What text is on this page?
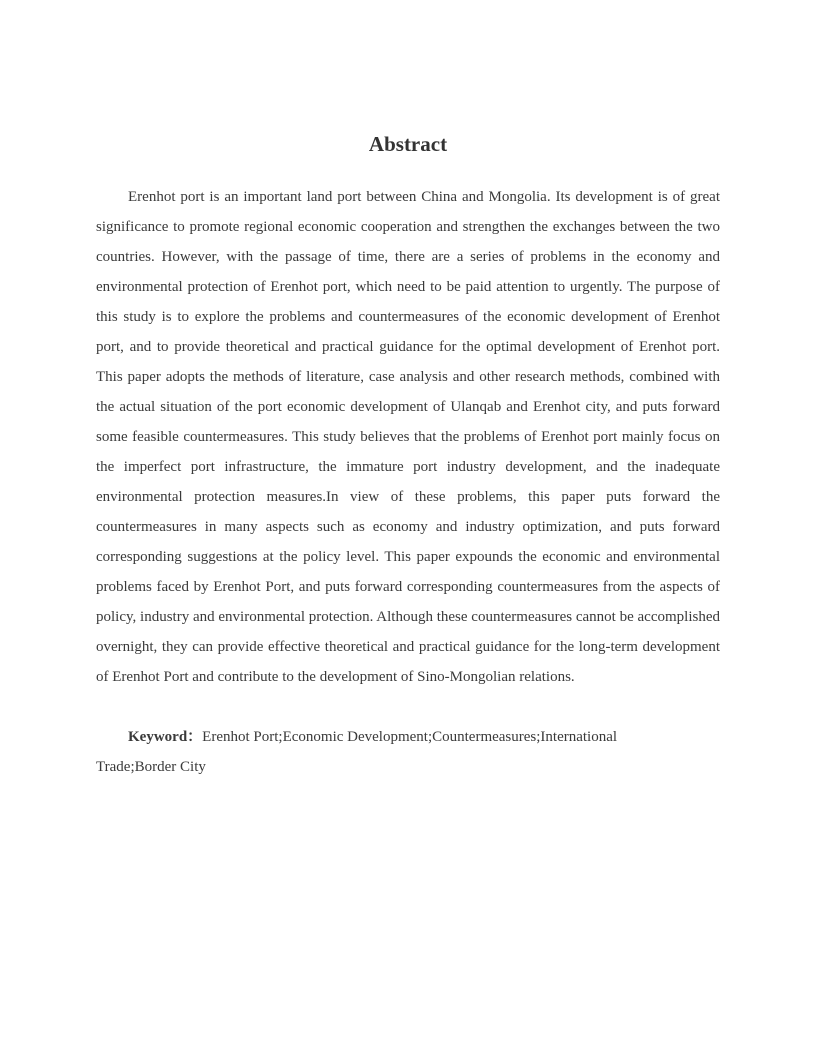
Abstract

Erenhot port is an important land port between China and Mongolia. Its development is of great significance to promote regional economic cooperation and strengthen the exchanges between the two countries. However, with the passage of time, there are a series of problems in the economy and environmental protection of Erenhot port, which need to be paid attention to urgently. The purpose of this study is to explore the problems and countermeasures of the economic development of Erenhot port, and to provide theoretical and practical guidance for the optimal development of Erenhot port. This paper adopts the methods of literature, case analysis and other research methods, combined with the actual situation of the port economic development of Ulanqab and Erenhot city, and puts forward some feasible countermeasures. This study believes that the problems of Erenhot port mainly focus on the imperfect port infrastructure, the immature port industry development, and the inadequate environmental protection measures.In view of these problems, this paper puts forward the countermeasures in many aspects such as economy and industry optimization, and puts forward corresponding suggestions at the policy level. This paper expounds the economic and environmental problems faced by Erenhot Port, and puts forward corresponding countermeasures from the aspects of policy, industry and environmental protection. Although these countermeasures cannot be accomplished overnight, they can provide effective theoretical and practical guidance for the long-term development of Erenhot Port and contribute to the development of Sino-Mongolian relations.

Keyword：Erenhot Port;Economic Development;Countermeasures;International Trade;Border City
